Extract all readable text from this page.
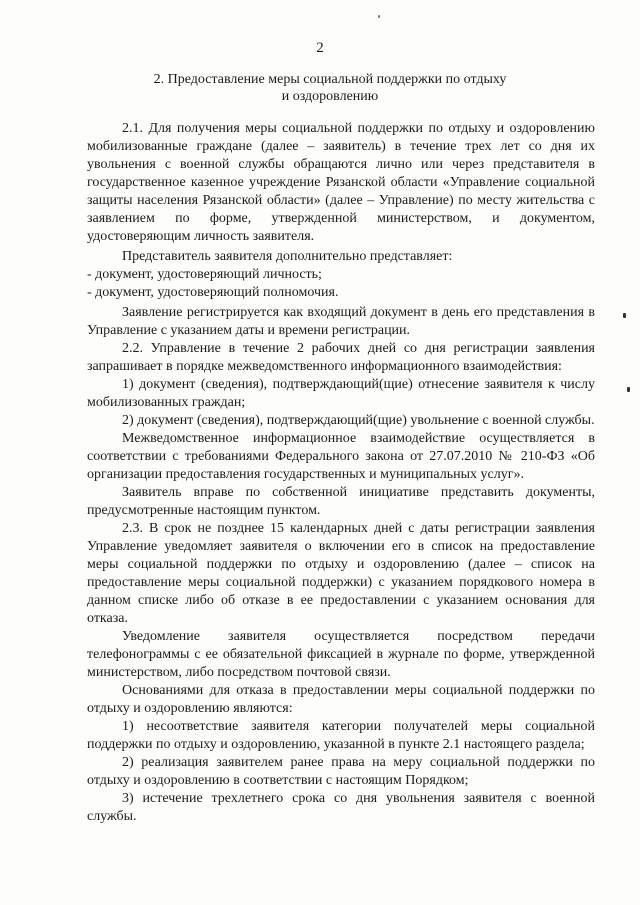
2
2. Предоставление меры социальной поддержки по отдыху
и оздоровлению

2.1. Для получения меры социальной поддержки по отдыху и оздоровлению мобилизованные граждане (далее – заявитель) в течение трех лет со дня их увольнения с военной службы обращаются лично или через представителя в государственное казенное учреждение Рязанской области «Управление социальной защиты населения Рязанской области» (далее – Управление) по месту жительства с заявлением по форме, утвержденной министерством, и документом, удостоверяющим личность заявителя.

Представитель заявителя дополнительно представляет:

- документ, удостоверяющий личность;

- документ, удостоверяющий полномочия.

Заявление регистрируется как входящий документ в день его представления в Управление с указанием даты и времени регистрации.

2.2. Управление в течение 2 рабочих дней со дня регистрации заявления запрашивает в порядке межведомственного информационного взаимодействия:

1) документ (сведения), подтверждающий(щие) отнесение заявителя к числу мобилизованных граждан;

2) документ (сведения), подтверждающий(щие) увольнение с военной службы.

Межведомственное информационное взаимодействие осуществляется в соответствии с требованиями Федерального закона от 27.07.2010 № 210-ФЗ «Об организации предоставления государственных и муниципальных услуг».

Заявитель вправе по собственной инициативе представить документы, предусмотренные настоящим пунктом.

2.3. В срок не позднее 15 календарных дней с даты регистрации заявления Управление уведомляет заявителя о включении его в список на предоставление меры социальной поддержки по отдыху и оздоровлению (далее – список на предоставление меры социальной поддержки) с указанием порядкового номера в данном списке либо об отказе в ее предоставлении с указанием основания для отказа.

Уведомление заявителя осуществляется посредством передачи телефонограммы с ее обязательной фиксацией в журнале по форме, утвержденной министерством, либо посредством почтовой связи.

Основаниями для отказа в предоставлении меры социальной поддержки по отдыху и оздоровлению являются:

1) несоответствие заявителя категории получателей меры социальной поддержки по отдыху и оздоровлению, указанной в пункте 2.1 настоящего раздела;

2) реализация заявителем ранее права на меру социальной поддержки по отдыху и оздоровлению в соответствии с настоящим Порядком;

3) истечение трехлетнего срока со дня увольнения заявителя с военной службы.
